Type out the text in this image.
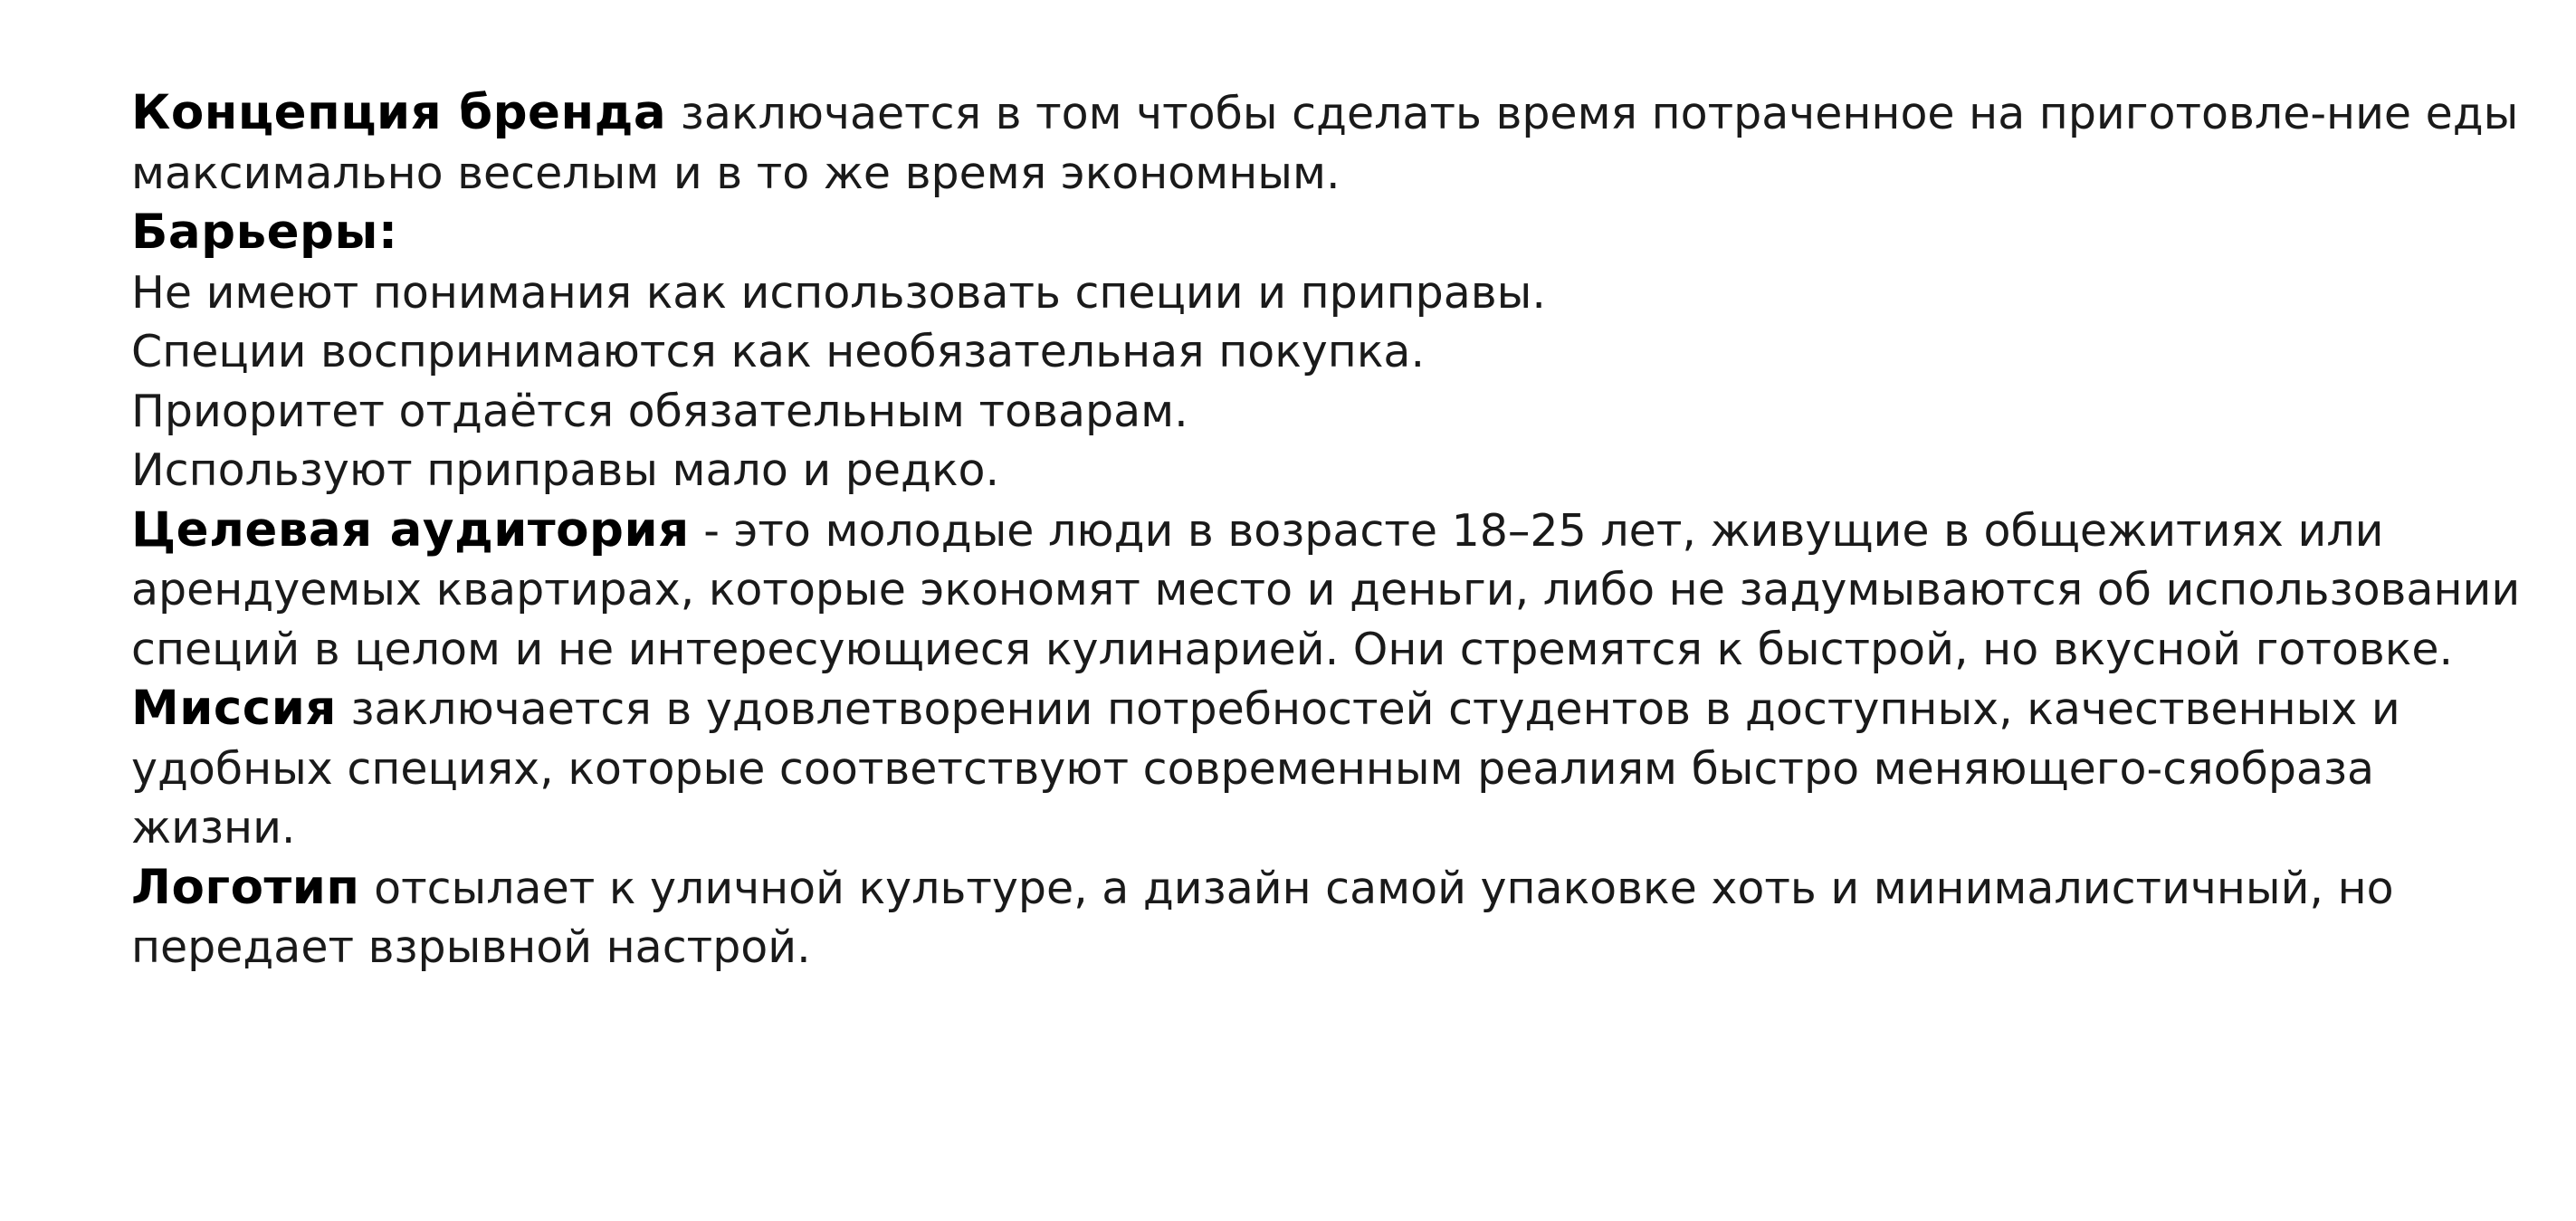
Концепция бренда заключается в том чтобы сделать время потраченное на приготовле-ние еды максимально веселым и в то же время экономным.

Барьеры:

Не имеют понимания как использовать специи и приправы.

Специи воспринимаются как необязательная покупка.

Приоритет отдаётся обязательным товарам.

Используют приправы мало и редко.

Целевая аудитория - это молодые люди в возрасте 18–25 лет, живущие в общежитиях или арендуемых квартирах, которые экономят место и деньги, либо не задумываются об использовании специй в целом и не интересующиеся кулинарией. Они стремятся к быстрой, но вкусной готовке.

Миссия заключается в удовлетворении потребностей студентов в доступных, качественных и удобных специях, которые соответствуют современным реалиям быстро меняющего-сяобраза жизни.

Логотип отсылает к уличной культуре, а дизайн самой упаковке хоть и минималистичный, но передает взрывной настрой.
